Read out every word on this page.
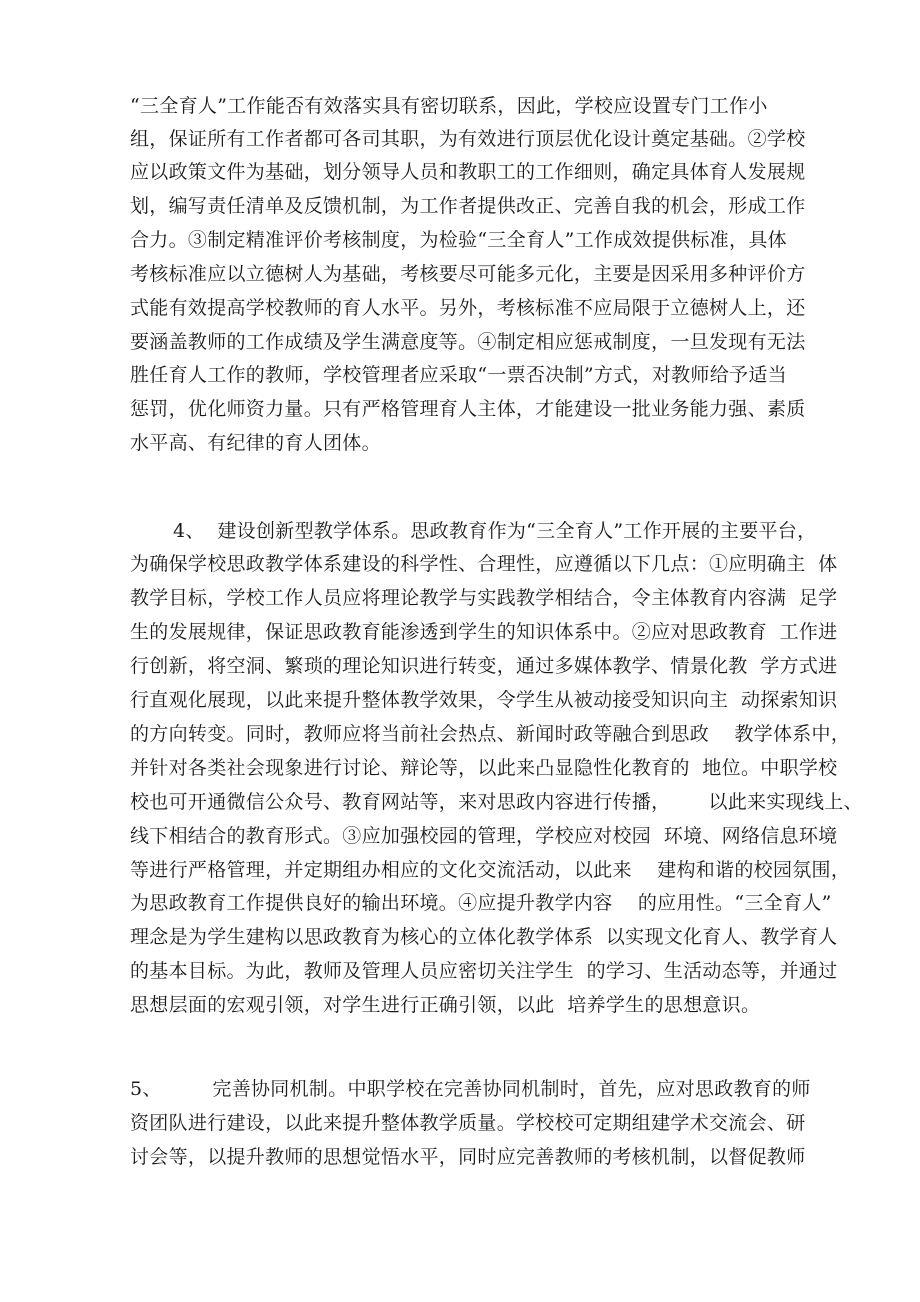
“三全育人”工作能否有效落实具有密切联系，因此，学校应设置专门工作小
组，保证所有工作者都可各司其职，为有效进行顶层优化设计奠定基础。②学校
应以政策文件为基础，划分领导人员和教职工的工作细则，确定具体育人发展规
划，编写责任清单及反馈机制，为工作者提供改正、完善自我的机会，形成工作
合力。③制定精准评价考核制度，为检验“三全育人”工作成效提供标准，具体
考核标准应以立德树人为基础，考核要尽可能多元化，主要是因采用多种评价方
式能有效提高学校教师的育人水平。另外，考核标准不应局限于立德树人上，还
要涵盖教师的工作成绩及学生满意度等。④制定相应惩戒制度，一旦发现有无法
胜任育人工作的教师，学校管理者应采取“一票否决制”方式，对教师给予适当
惩罚，优化师资力量。只有严格管理育人主体，才能建设一批业务能力强、素质
水平高、有纪律的育人团体。
4、  建设创新型教学体系。思政教育作为“三全育人”工作开展的主要平台，
为确保学校思政教学体系建设的科学性、合理性，应遵循以下几点：①应明确主  体
教学目标，学校工作人员应将理论教学与实践教学相结合，令主体教育内容满  足学
生的发展规律，保证思政教育能渗透到学生的知识体系中。②应对思政教育  工作进
行创新，将空洞、繁琐的理论知识进行转变，通过多媒体教学、情景化教  学方式进
行直观化展现，以此来提升整体教学效果，令学生从被动接受知识向主  动探索知识
的方向转变。同时，教师应将当前社会热点、新闻时政等融合到思政    教学体系中，
并针对各类社会现象进行讨论、辩论等，以此来凸显隐性化教育的  地位。中职学校
校也可开通微信公众号、教育网站等，来对思政内容进行传播，      以此来实现线上、
线下相结合的教育形式。③应加强校园的管理，学校应对校园  环境、网络信息环境
等进行严格管理，并定期组办相应的文化交流活动，以此来    建构和谐的校园氛围，
为思政教育工作提供良好的输出环境。④应提升教学内容    的应用性。“三全育人”
理念是为学生建构以思政教育为核心的立体化教学体系  以实现文化育人、教学育人
的基本目标。为此，教师及管理人员应密切关注学生  的学习、生活动态等，并通过
思想层面的宏观引领，对学生进行正确引领，以此  培养学生的思想意识。
5、        完善协同机制。中职学校在完善协同机制时，首先，应对思政教育的师
资团队进行建设，以此来提升整体教学质量。学校校可定期组建学术交流会、研
讨会等，以提升教师的思想觉悟水平，同时应完善教师的考核机制，以督促教师
